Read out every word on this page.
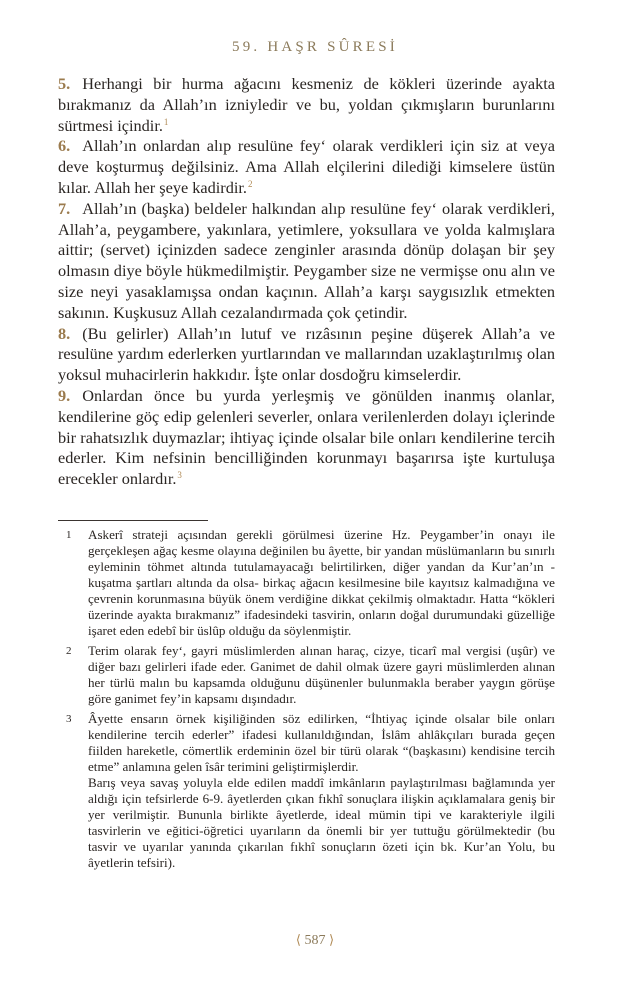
59. HAŞR SÛRESİ

5. Herhangi bir hurma ağacını kesmeniz de kökleri üzerinde ayakta bırakmanız da Allah’ın izniyledir ve bu, yoldan çıkmışların burunlarını sürtmesi içindir.$^1$

6. Allah’ın onlardan alıp resulüne fey‘ olarak verdikleri için siz at veya deve koşturmuş değilsiniz. Ama Allah elçilerini dilediği kimselere üstün kılar. Allah her şeye kadirdir.$^2$

7. Allah’ın (başka) beldeler halkından alıp resulüne fey‘ olarak verdikleri, Allah’a, peygambere, yakınlara, yetimlere, yoksullara ve yolda kalmışlara aittir; (servet) içinizden sadece zenginler arasında dönüp dolaşan bir şey olmasın diye böyle hükmedilmiştir. Peygamber size ne vermişse onu alın ve size neyi yasaklamışsa ondan kaçının. Allah’a karşı saygısızlık etmekten sakının. Kuşkusuz Allah cezalandırmada çok çetindir.

8. (Bu gelirler) Allah’ın lutuf ve rızâsının peşine düşerek Allah’a ve resulüne yardım ederlerken yurtlarından ve mallarından uzaklaştırılmış olan yoksul muhacirlerin hakkıdır. İşte onlar dosdoğru kimselerdir.

9. Onlardan önce bu yurda yerleşmiş ve gönülden inanmış olanlar, kendilerine göç edip gelenleri severler, onlara verilenlerden dolayı içlerinde bir rahatsızlık duymazlar; ihtiyaç içinde olsalar bile onları kendilerine tercih ederler. Kim nefsinin bencilliğinden korunmayı başarırsa işte kurtuluşa erecekler onlardır.$^3$

1 Askerî strateji açısından gerekli görülmesi üzerine Hz. Peygamber’in onayı ile gerçekleşen ağaç kesme olayına değinilen bu âyette, bir yandan müslümanların bu sınırlı eyleminin töhmet altında tutulamayacağı belirtilirken, diğer yandan da Kur’an’ın -kuşatma şartları altında da olsa- birkaç ağacın kesilmesine bile kayıtsız kalmadığına ve çevrenin korunmasına büyük önem verdiğine dikkat çekilmiş olmaktadır. Hatta “kökleri üzerinde ayakta bırakmanız” ifadesindeki tasvirin, onların doğal durumundaki güzelliğe işaret eden edebî bir üslûp olduğu da söylenmiştir.

2 Terim olarak fey‘, gayri müslimlerden alınan haraç, cizye, ticarî mal vergisi (uşûr) ve diğer bazı gelirleri ifade eder. Ganimet de dahil olmak üzere gayri müslimlerden alınan her türlü malın bu kapsamda olduğunu düşünenler bulunmakla beraber yaygın görüşe göre ganimet fey’in kapsamı dışındadır.

3 Âyette ensarın örnek kişiliğinden söz edilirken, “İhtiyaç içinde olsalar bile onları kendilerine tercih ederler” ifadesi kullanıldığından, İslâm ahlâkçıları burada geçen fiilden hareketle, cömertlik erdeminin özel bir türü olarak “(başkasını) kendisine tercih etme” anlamına gelen îsâr terimini geliştirmişlerdir.

Barış veya savaş yoluyla elde edilen maddî imkânların paylaştırılması bağlamında yer aldığı için tefsirlerde 6-9. âyetlerden çıkan fıkhî sonuçlara ilişkin açıklamalara geniş bir yer verilmiştir. Bununla birlikte âyetlerde, ideal mümin tipi ve karakteriyle ilgili tasvirlerin ve eğitici-öğretici uyarıların da önemli bir yer tuttuğu görülmektedir (bu tasvir ve uyarılar yanında çıkarılan fıkhî sonuçların özeti için bk. Kur’an Yolu, bu âyetlerin tefsiri).

⟨ 587 ⟩
